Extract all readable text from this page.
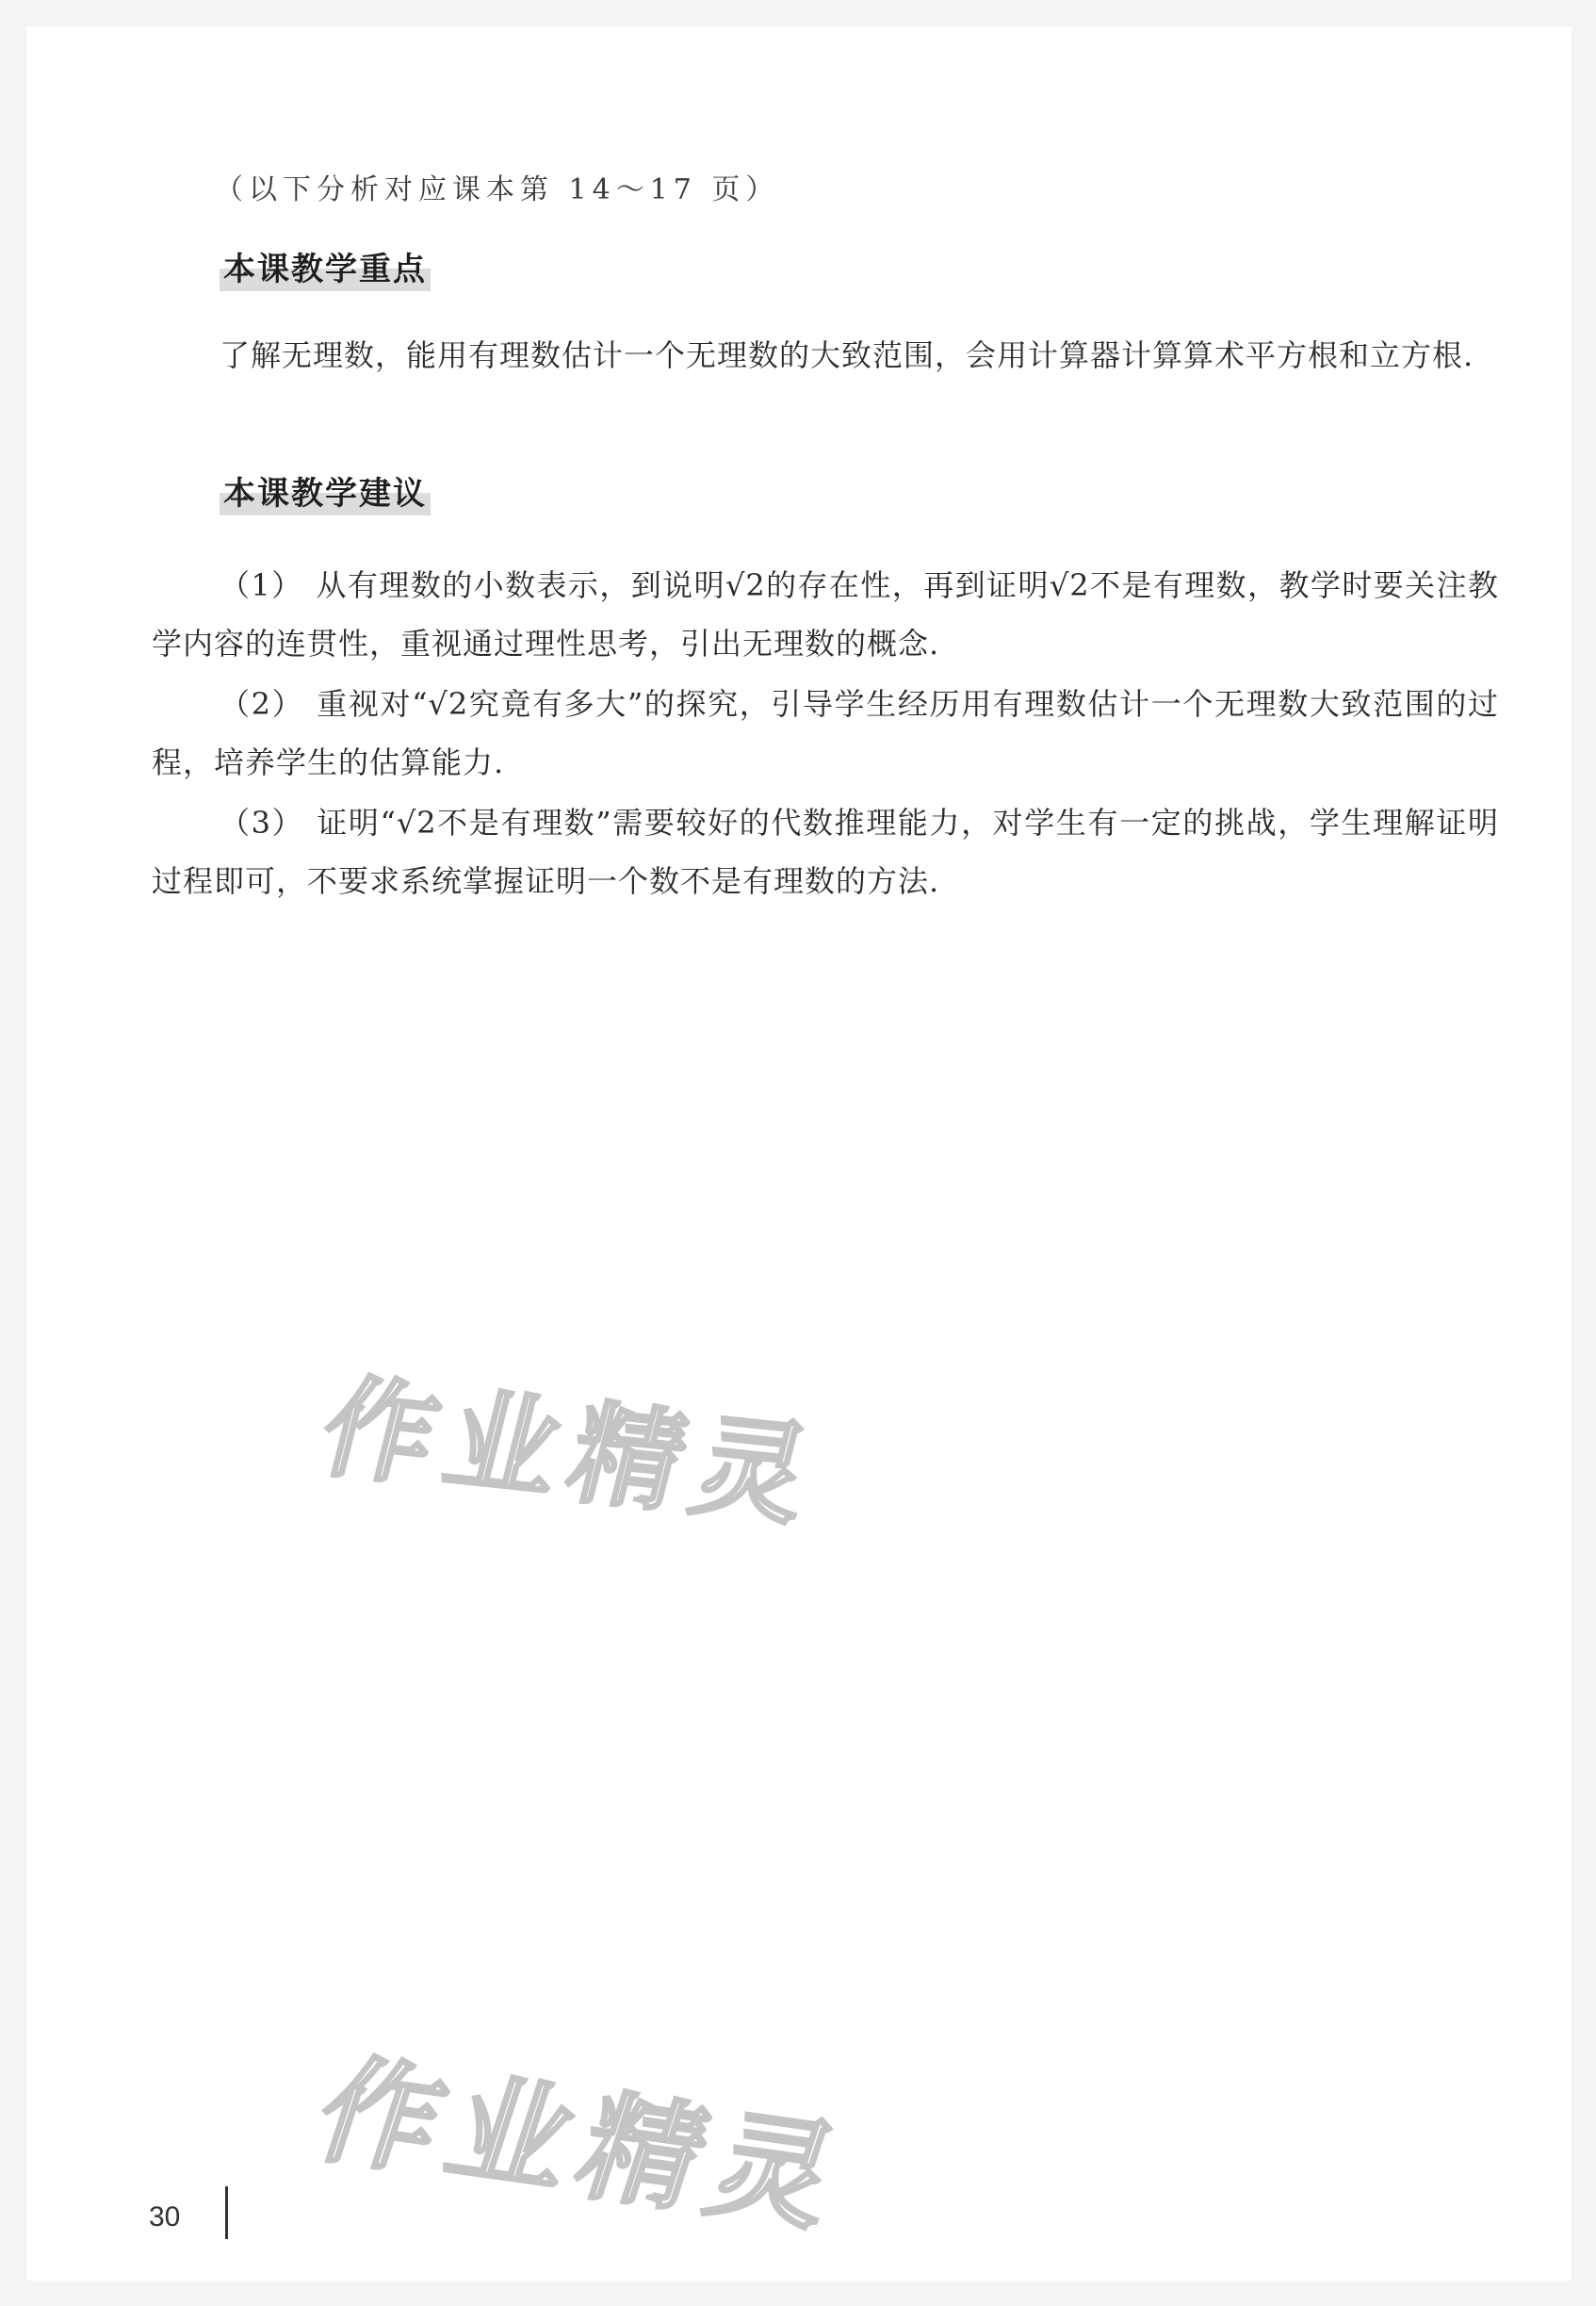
（以下分析对应课本第 14～17 页）
本课教学重点

了解无理数，能用有理数估计一个无理数的大致范围，会用计算器计算算术平方根和立方根.

本课教学建议

（1） 从有理数的小数表示，到说明√2的存在性，再到证明√2不是有理数，教学时要关注教学内容的连贯性，重视通过理性思考，引出无理数的概念.

（2） 重视对“√2究竟有多大”的探究，引导学生经历用有理数估计一个无理数大致范围的过程，培养学生的估算能力.

（3） 证明“√2不是有理数”需要较好的代数推理能力，对学生有一定的挑战，学生理解证明过程即可，不要求系统掌握证明一个数不是有理数的方法.

作业精灵
作业精灵
30
